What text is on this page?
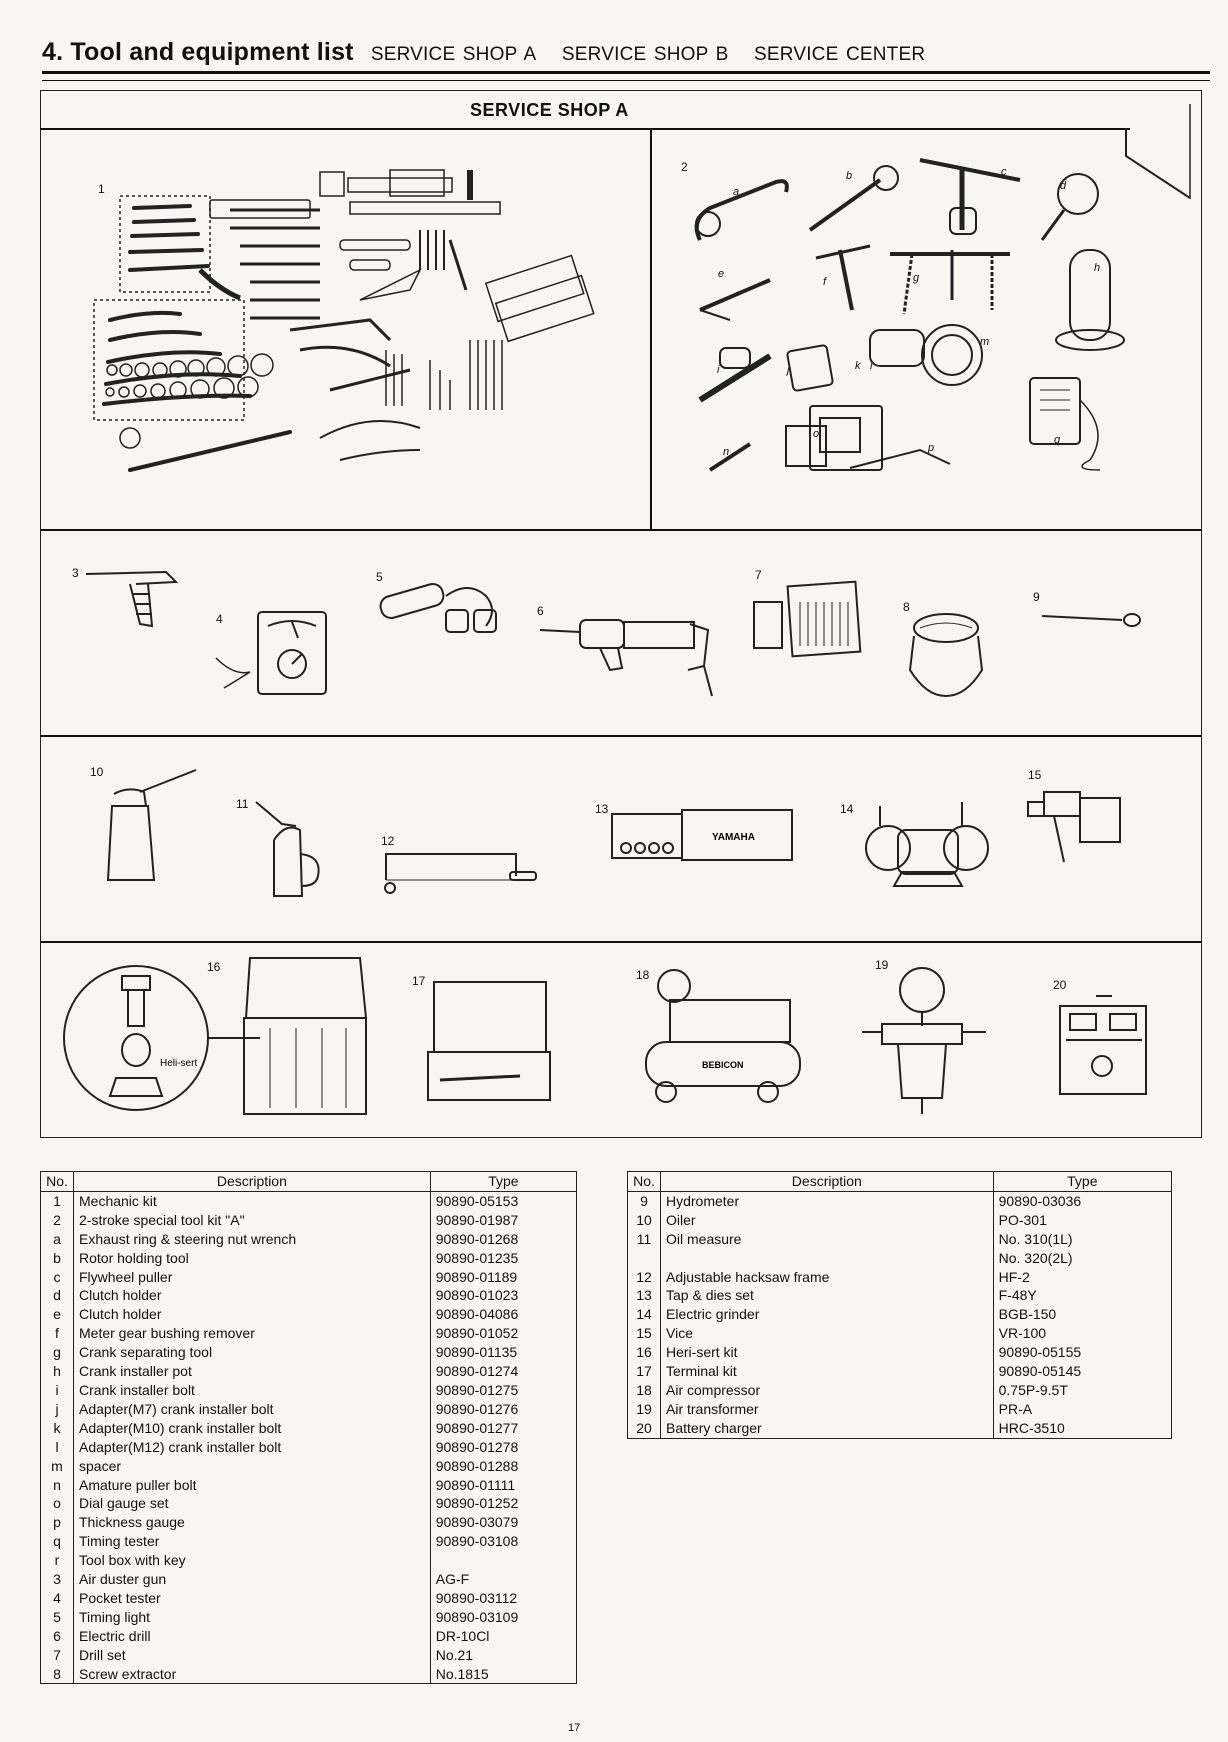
4. Tool and equipment list SERVICE SHOP A SERVICE SHOP B SERVICE CENTER
SERVICE SHOP A
1
2
3
4
5
6
7
8
9
10
11
12
13	14
15
16
17	18
19
20
a
b	c
d
e
f	g
h
i	j	k l
m
n
o
p
q
YAMAHA
Heli-sert	BEBICON
No.	Description	Type
1	Mechanic kit	90890-05153
2	2-stroke special tool kit "A"	90890-01987
a	Exhaust ring & steering nut wrench	90890-01268
b	Rotor holding tool	90890-01235
c	Flywheel puller	90890-01189
d	Clutch holder	90890-01023
e	Clutch holder	90890-04086
f	Meter gear bushing remover	90890-01052
g	Crank separating tool	90890-01135
h	Crank installer pot	90890-01274
i	Crank installer bolt	90890-01275
j	Adapter(M7) crank installer bolt	90890-01276
k	Adapter(M10) crank installer bolt	90890-01277
l	Adapter(M12) crank installer bolt	90890-01278
m	spacer	90890-01288
n	Amature puller bolt	90890-01111
o	Dial gauge set	90890-01252
p	Thickness gauge	90890-03079
q	Timing tester	90890-03108
r	Tool box with key	
3	Air duster gun	AG-F
4	Pocket tester	90890-03112
5	Timing light	90890-03109
6	Electric drill	DR-10Cl
7	Drill set	No.21
8	Screw extractor	No.1815
No.	Description	Type
9	Hydrometer	90890-03036
10	Oiler	PO-301
11	Oil measure	No. 310(1L)
		No. 320(2L)
12	Adjustable hacksaw frame	HF-2
13	Tap & dies set	F-48Y
14	Electric grinder	BGB-150
15	Vice	VR-100
16	Heri-sert kit	90890-05155
17	Terminal kit	90890-05145
18	Air compressor	0.75P-9.5T
19	Air transformer	PR-A
20	Battery charger	HRC-3510
17
